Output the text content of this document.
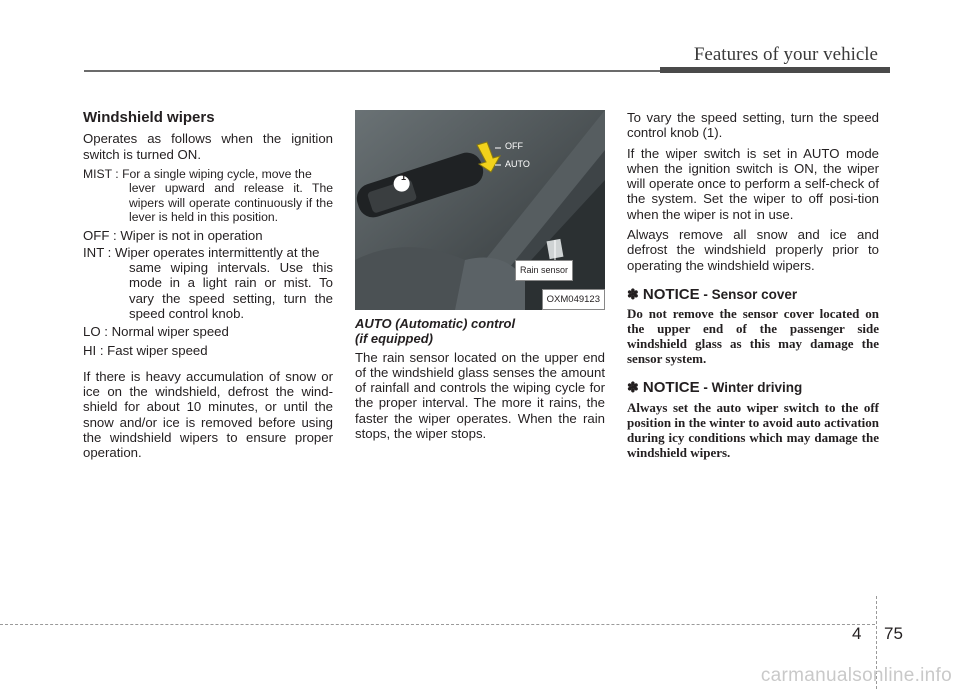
Features of your vehicle
Windshield wipers

Operates as follows when the ignition switch is turned ON.

MIST : For a single wiping cycle, move the
lever upward and release it. The wipers will operate continuously if the lever is held in this position.
OFF : Wiper is not in operation
INT : Wiper operates intermittently at the
same wiping intervals. Use this mode in a light rain or mist. To vary the speed setting, turn the speed control knob.
LO : Normal wiper speed
HI : Fast wiper speed

If there is heavy accumulation of snow or ice on the windshield, defrost the wind-shield for about 10 minutes, or until the snow and/or ice is removed before using the windshield wipers to ensure proper operation.

OFF
AUTO
1
Rain sensor
OXM049123
AUTO (Automatic) control
(if equipped)

The rain sensor located on the upper end of the windshield glass senses the amount of rainfall and controls the wiping cycle for the proper interval. The more it rains, the faster the wiper operates. When the rain stops, the wiper stops.

To vary the speed setting, turn the speed control knob (1).

If the wiper switch is set in AUTO mode when the ignition switch is ON, the wiper will operate once to perform a self-check of the system. Set the wiper to off posi-tion when the wiper is not in use.

Always remove all snow and ice and defrost the windshield properly prior to operating the windshield wipers.

✽ NOTICE - Sensor cover

Do not remove the sensor cover located on the upper end of the passenger side windshield glass as this may damage the sensor system.

✽ NOTICE - Winter driving

Always set the auto wiper switch to the off position in the winter to avoid auto activation during icy conditions which may damage the windshield wipers.

4 75
carmanualsonline.info
